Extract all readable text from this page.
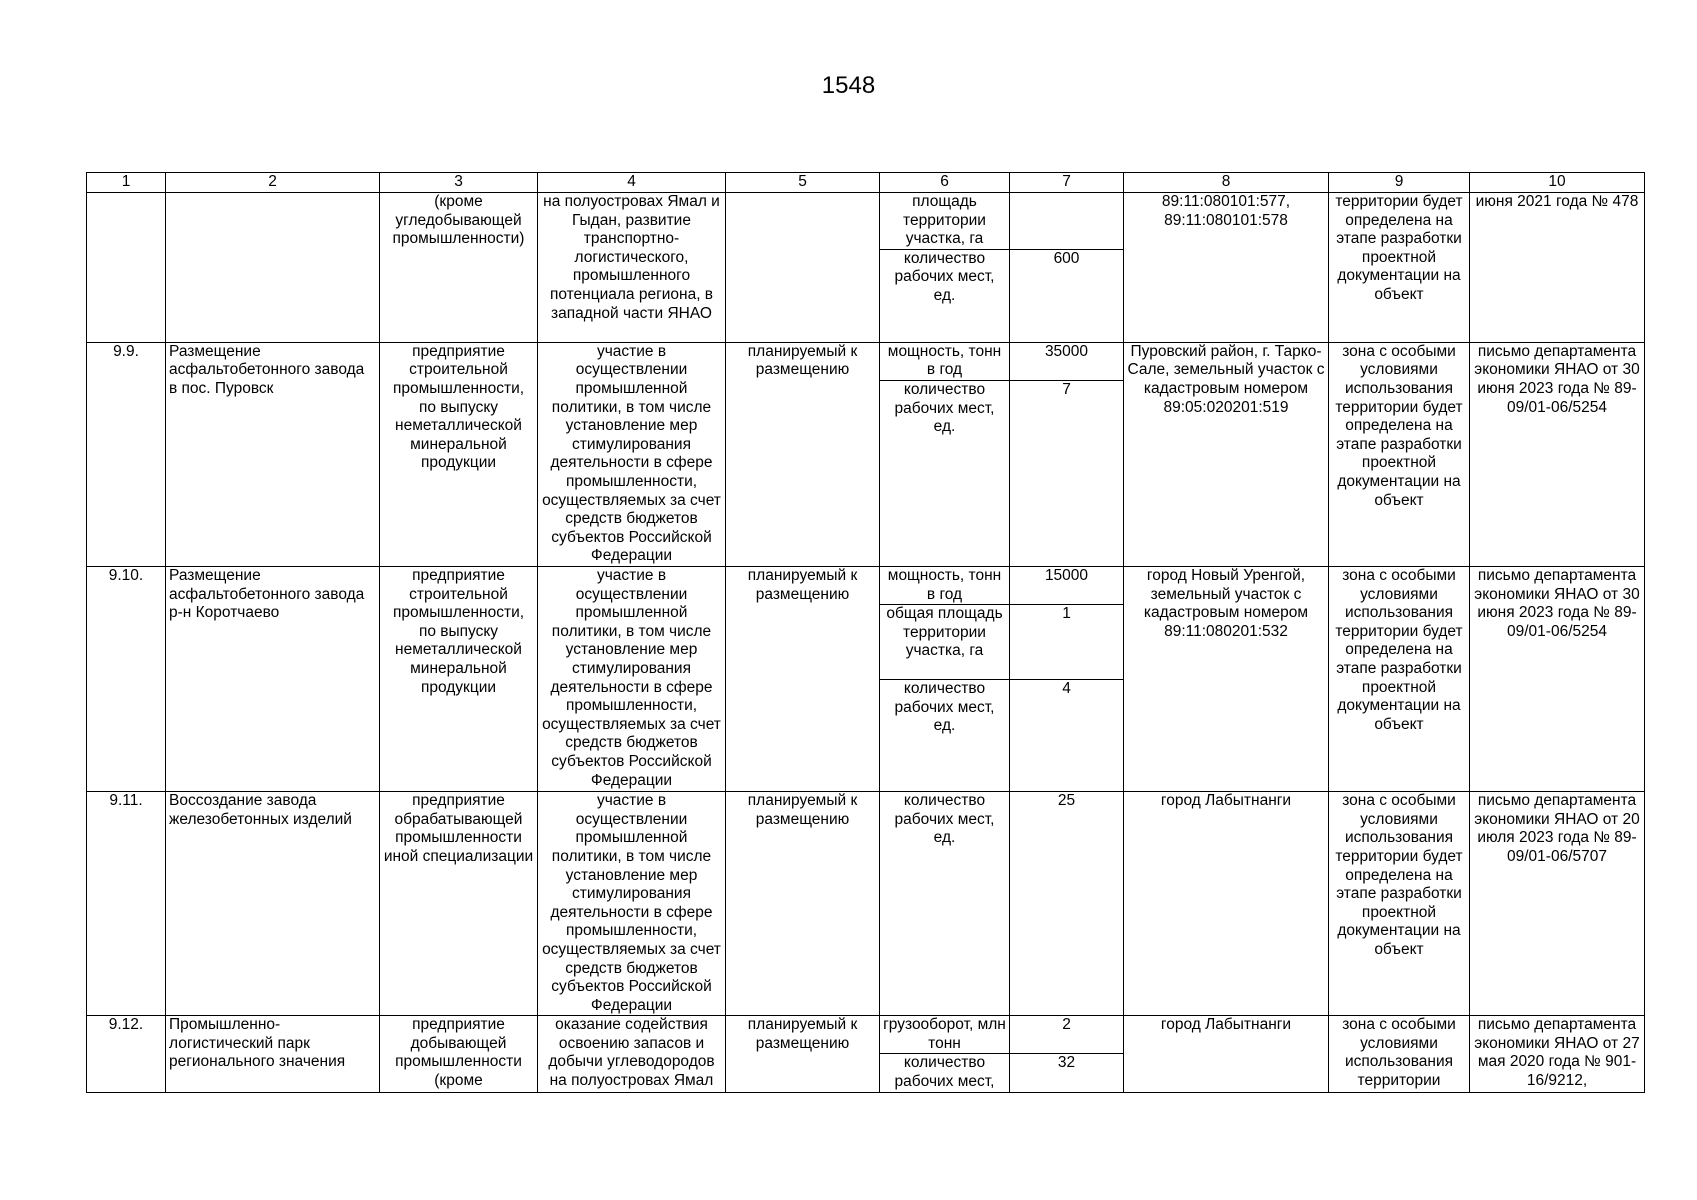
1548
1	2	3	4	5	6	7	8	9	10
		(кроме угледобывающей промышленности)	на полуостровах Ямал и Гыдан, развитие транспортно-логистического, промышленного потенциала региона, в западной части ЯНАО		площадь территории участка, га		89:11:080101:577, 89:11:080101:578	территории будет определена на этапе разработки проектной документации на объект	июня 2021 года № 478
					количество рабочих мест, ед.	600			
9.9.	Размещение асфальтобетонного завода в пос. Пуровск	предприятие строительной промышленности, по выпуску неметаллической минеральной продукции	участие в осуществлении промышленной политики, в том числе установление мер стимулирования деятельности в сфере промышленности, осуществляемых за счет средств бюджетов субъектов Российской Федерации	планируемый к размещению	мощность, тонн в год	35000	Пуровский район, г. Тарко-Сале, земельный участок с кадастровым номером 89:05:020201:519	зона с особыми условиями использования территории будет определена на этапе разработки проектной документации на объект	письмо департамента экономики ЯНАО от 30 июня 2023 года № 89-09/01-06/5254
					количество рабочих мест, ед.	7			
9.10.	Размещение асфальтобетонного завода р-н Коротчаево	предприятие строительной промышленности, по выпуску неметаллической минеральной продукции	участие в осуществлении промышленной политики, в том числе установление мер стимулирования деятельности в сфере промышленности, осуществляемых за счет средств бюджетов субъектов Российской Федерации	планируемый к размещению	мощность, тонн в год	15000	город Новый Уренгой, земельный участок с кадастровым номером 89:11:080201:532	зона с особыми условиями использования территории будет определена на этапе разработки проектной документации на объект	письмо департамента экономики ЯНАО от 30 июня 2023 года № 89-09/01-06/5254
					общая площадь территории участка, га	1			
					количество рабочих мест, ед.	4			
9.11.	Воссоздание завода железобетонных изделий	предприятие обрабатывающей промышленности иной специализации	участие в осуществлении промышленной политики, в том числе установление мер стимулирования деятельности в сфере промышленности, осуществляемых за счет средств бюджетов субъектов Российской Федерации	планируемый к размещению	количество рабочих мест, ед.	25	город Лабытнанги	зона с особыми условиями использования территории будет определена на этапе разработки проектной документации на объект	письмо департамента экономики ЯНАО от 20 июля 2023 года № 89-09/01-06/5707
9.12.	Промышленно-логистический парк регионального значения	предприятие добывающей промышленности (кроме	оказание содействия освоению запасов и добычи углеводородов на полуостровах Ямал	планируемый к размещению	грузооборот, млн тонн	2	город Лабытнанги	зона с особыми условиями использования территории	письмо департамента экономики ЯНАО от 27 мая 2020 года № 901-16/9212,
					количество рабочих мест,	32			
